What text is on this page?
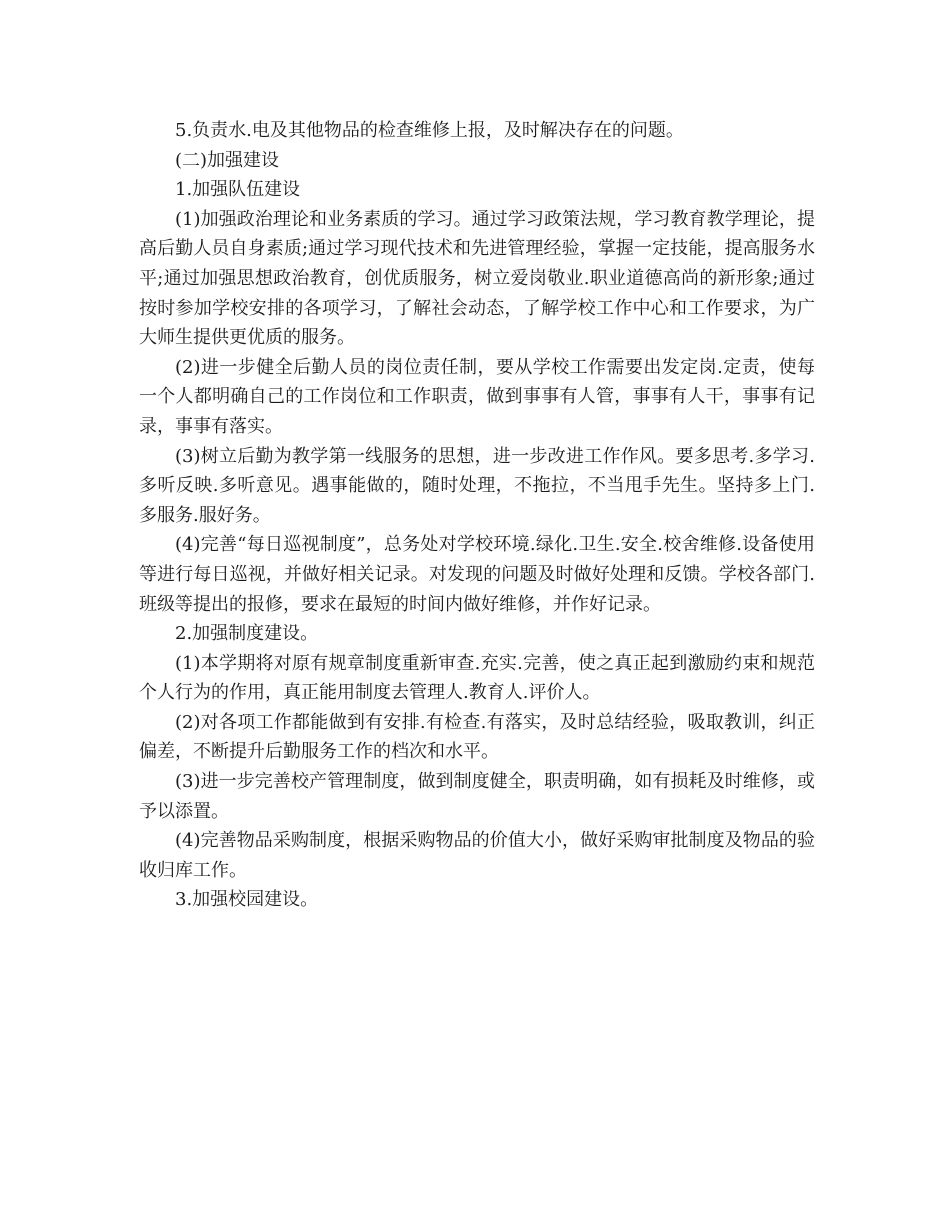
5.负责水.电及其他物品的检查维修上报，及时解决存在的问题。

(二)加强建设

1.加强队伍建设

(1)加强政治理论和业务素质的学习。通过学习政策法规，学习教育教学理论，提高后勤人员自身素质;通过学习现代技术和先进管理经验，掌握一定技能，提高服务水平;通过加强思想政治教育，创优质服务，树立爱岗敬业.职业道德高尚的新形象;通过按时参加学校安排的各项学习，了解社会动态，了解学校工作中心和工作要求，为广大师生提供更优质的服务。

(2)进一步健全后勤人员的岗位责任制，要从学校工作需要出发定岗.定责，使每一个人都明确自己的工作岗位和工作职责，做到事事有人管，事事有人干，事事有记录，事事有落实。

(3)树立后勤为教学第一线服务的思想，进一步改进工作作风。要多思考.多学习.多听反映.多听意见。遇事能做的，随时处理，不拖拉，不当甩手先生。坚持多上门.多服务.服好务。

(4)完善“每日巡视制度”，总务处对学校环境.绿化.卫生.安全.校舍维修.设备使用等进行每日巡视，并做好相关记录。对发现的问题及时做好处理和反馈。学校各部门.班级等提出的报修，要求在最短的时间内做好维修，并作好记录。

2.加强制度建设。

(1)本学期将对原有规章制度重新审查.充实.完善，使之真正起到激励约束和规范个人行为的作用，真正能用制度去管理人.教育人.评价人。

(2)对各项工作都能做到有安排.有检查.有落实，及时总结经验，吸取教训，纠正偏差，不断提升后勤服务工作的档次和水平。

(3)进一步完善校产管理制度，做到制度健全，职责明确，如有损耗及时维修，或予以添置。

(4)完善物品采购制度，根据采购物品的价值大小，做好采购审批制度及物品的验收归库工作。

3.加强校园建设。
